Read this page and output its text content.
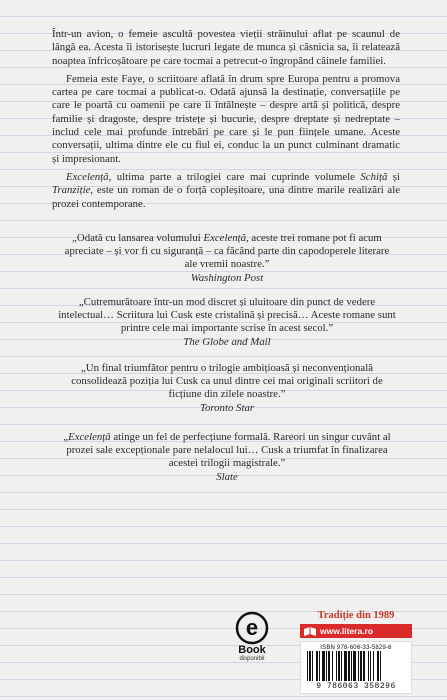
Într-un avion, o femeie ascultă povestea vieții străinului aflat pe scaunul de lângă ea. Acesta îi istorisește lucruri legate de munca și căsnicia sa, îi relatează noaptea înfricoșătoare pe care tocmai a petrecut-o îngropând câinele familiei.

Femeia este Faye, o scriitoare aflată în drum spre Europa pentru a promova cartea pe care tocmai a publicat-o. Odată ajunsă la destinație, conversațiile pe care le poartă cu oamenii pe care îi întâlnește – despre artă și politică, despre familie și dragoste, despre tristețe și bucurie, despre dreptate și nedreptate – includ cele mai profunde întrebări pe care și le pun ființele umane. Aceste conversații, ultima dintre ele cu fiul ei, conduc la un punct culminant dramatic și impresionant.

Excelență, ultima parte a trilogiei care mai cuprinde volumele Schiță și Tranziție, este un roman de o forță copleșitoare, una dintre marile realizări ale prozei contemporane.

„Odată cu lansarea volumului Excelență, aceste trei romane pot fi acum apreciate – și vor fi cu siguranță – ca făcând parte din capodoperele literare ale vremii noastre.”
Washington Post
„Cutremurătoare într-un mod discret și uluitoare din punct de vedere intelectual… Scriitura lui Cusk este cristalină și precisă… Aceste romane sunt printre cele mai importante scrise în acest secol.”
The Globe and Mail
„Un final triumfător pentru o trilogie ambițioasă și neconvențională consolidează poziția lui Cusk ca unul dintre cei mai originali scriitori de ficțiune din zilele noastre.”
Toronto Star
„Excelență atinge un fel de perfecțiune formală. Rareori un singur cuvânt al prozei sale excepționale pare nelalocul lui… Cusk a triumfat în finalizarea acestei trilogii magistrale.”
Slate
e
Book
disponibil
Tradiție din 1989
www.litera.ro
ISBN 978-606-33-5829-6
9 786063 358296
